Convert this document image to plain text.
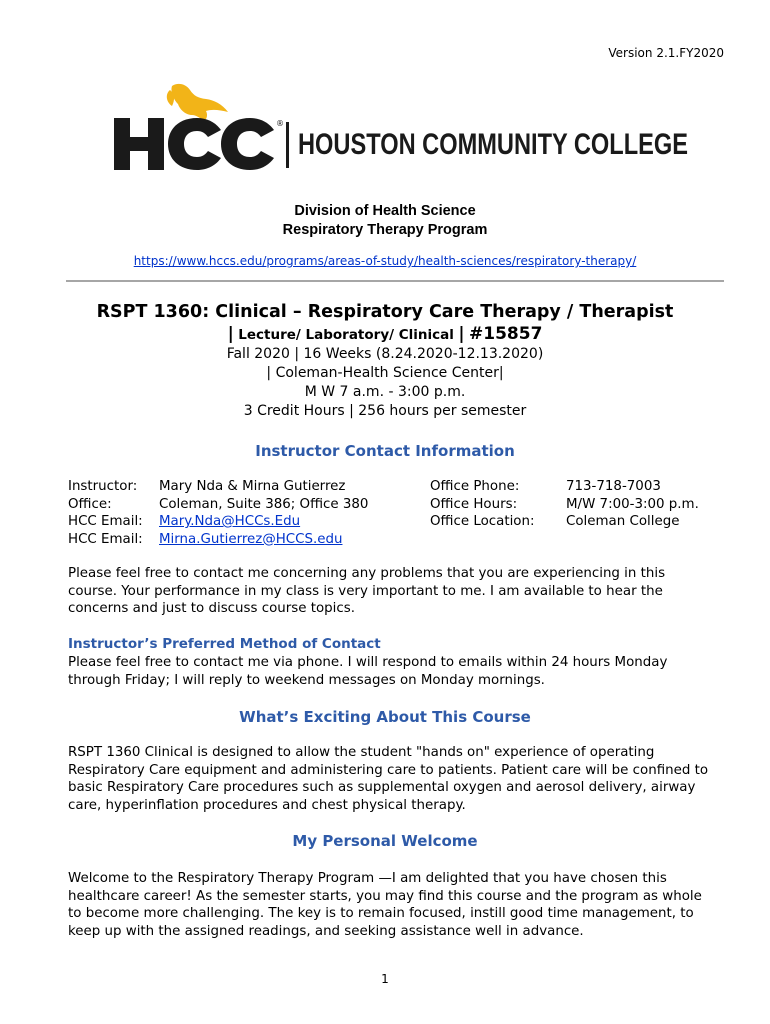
Version 2.1.FY2020
®
HOUSTON COMMUNITY COLLEGE
Division of Health Science
Respiratory Therapy Program
https://www.hccs.edu/programs/areas-of-study/health-sciences/respiratory-therapy/
RSPT 1360: Clinical – Respiratory Care Therapy / Therapist
| Lecture/ Laboratory/ Clinical | #15857
Fall 2020 | 16 Weeks (8.24.2020-12.13.2020)
| Coleman-Health Science Center|
M W 7 a.m. - 3:00 p.m.
3 Credit Hours | 256 hours per semester
Instructor Contact Information
Instructor:
Office:
HCC Email:
HCC Email:
Mary Nda & Mirna Gutierrez
Coleman, Suite 386; Office 380
Mary.Nda@HCCs.Edu
Mirna.Gutierrez@HCCS.edu
Office Phone:
Office Hours:
Office Location:
713-718-7003
M/W 7:00-3:00 p.m.
Coleman College
Please feel free to contact me concerning any problems that you are experiencing in this course. Your performance in my class is very important to me. I am available to hear the concerns and just to discuss course topics.
Instructor’s Preferred Method of Contact
Please feel free to contact me via phone. I will respond to emails within 24 hours Monday through Friday; I will reply to weekend messages on Monday mornings.
What’s Exciting About This Course
RSPT 1360 Clinical is designed to allow the student "hands on" experience of operating Respiratory Care equipment and administering care to patients. Patient care will be confined to basic Respiratory Care procedures such as supplemental oxygen and aerosol delivery, airway care, hyperinflation procedures and chest physical therapy.
My Personal Welcome
Welcome to the Respiratory Therapy Program —I am delighted that you have chosen this healthcare career! As the semester starts, you may find this course and the program as whole to become more challenging. The key is to remain focused, instill good time management, to keep up with the assigned readings, and seeking assistance well in advance.
1
